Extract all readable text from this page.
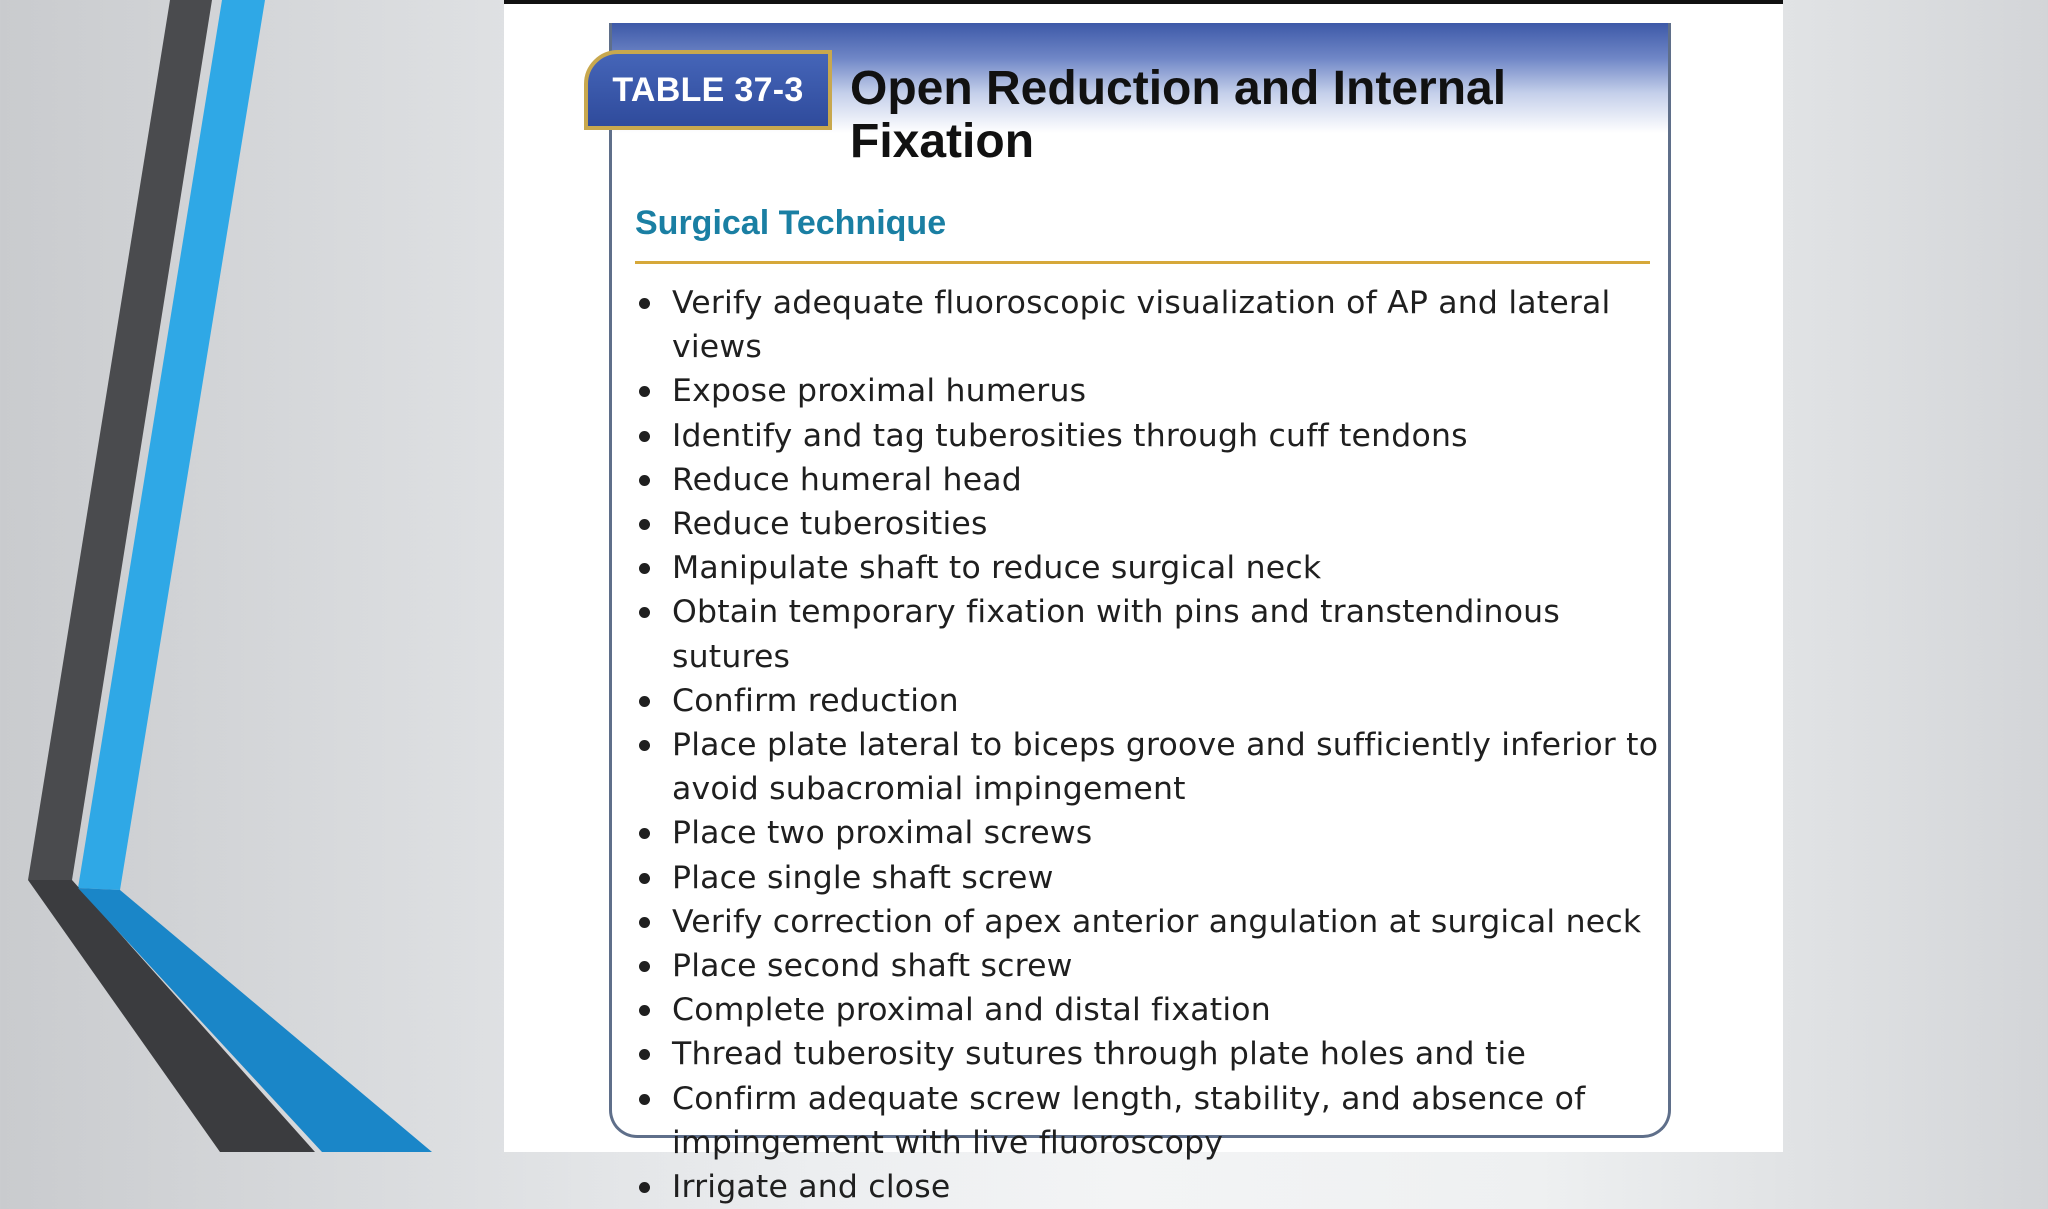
TABLE 37-3 Open Reduction and Internal Fixation
Surgical Technique
Verify adequate fluoroscopic visualization of AP and lateral views
Expose proximal humerus
Identify and tag tuberosities through cuff tendons
Reduce humeral head
Reduce tuberosities
Manipulate shaft to reduce surgical neck
Obtain temporary fixation with pins and transtendinous sutures
Confirm reduction
Place plate lateral to biceps groove and sufficiently inferior to avoid subacromial impingement
Place two proximal screws
Place single shaft screw
Verify correction of apex anterior angulation at surgical neck
Place second shaft screw
Complete proximal and distal fixation
Thread tuberosity sutures through plate holes and tie
Confirm adequate screw length, stability, and absence of impingement with live fluoroscopy
Irrigate and close
